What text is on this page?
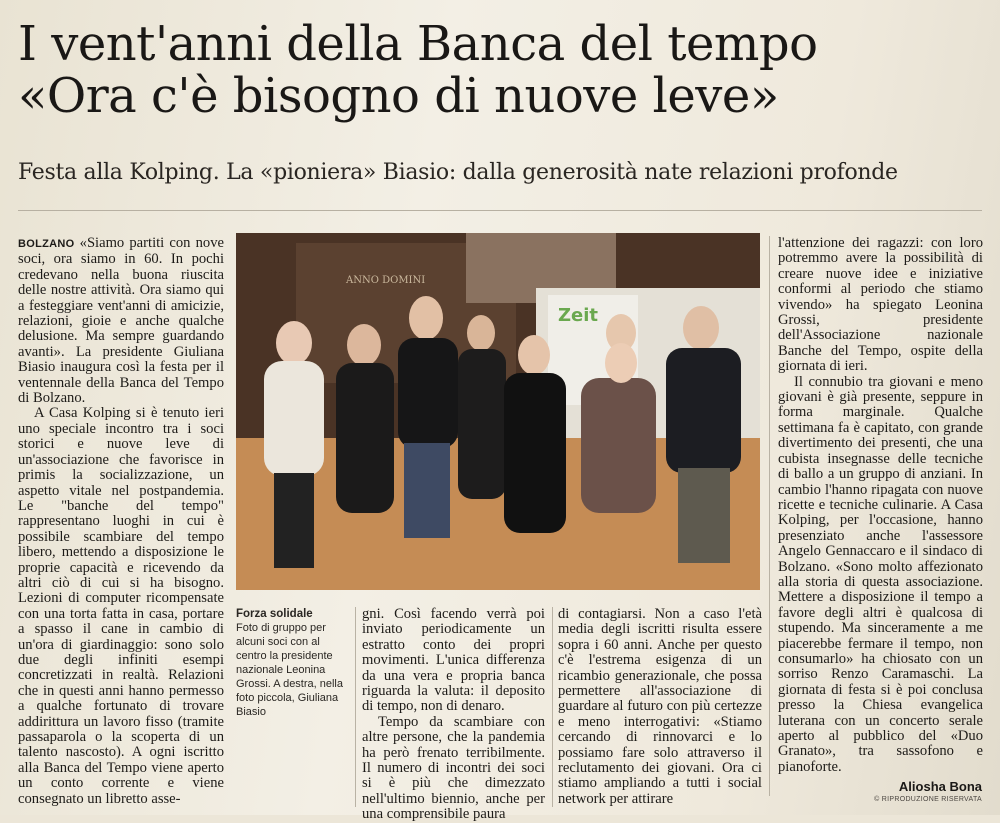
I vent'anni della Banca del tempo
«Ora c'è bisogno di nuove leve»
Festa alla Kolping. La «pioniera» Biasio: dalla generosità nate relazioni profonde

BOLZANO «Siamo partiti con nove soci, ora siamo in 60. In pochi credevano nella buona riuscita delle nostre attività. Ora siamo qui a festeggiare vent'anni di amicizie, relazioni, gioie e anche qualche delusione. Ma sempre guardando avanti». La presidente Giuliana Biasio inaugura così la festa per il ventennale della Banca del Tempo di Bolzano.

A Casa Kolping si è tenuto ieri uno speciale incontro tra i soci storici e nuove leve di un'associazione che favorisce in primis la socializzazione, un aspetto vitale nel postpandemia. Le "banche del tempo" rappresentano luoghi in cui è possibile scambiare del tempo libero, mettendo a disposizione le proprie capacità e ricevendo da altri ciò di cui si ha bisogno. Lezioni di computer ricompensate con una torta fatta in casa, portare a spasso il cane in cambio di un'ora di giardinaggio: sono solo due degli infiniti esempi concretizzati in realtà. Relazioni che in questi anni hanno permesso a qualche fortunato di trovare addirittura un lavoro fisso (tramite passaparola o la scoperta di un talento nascosto). A ogni iscritto alla Banca del Tempo viene aperto un conto corrente e viene consegnato un libretto asse-

ANNO DOMINI
Zeit
Forza solidale
Foto di gruppo per alcuni soci con al centro la presidente nazionale Leonina Grossi. A destra, nella foto piccola, Giuliana Biasio

gni. Così facendo verrà poi inviato periodicamente un estratto conto dei propri movimenti. L'unica differenza da una vera e propria banca riguarda la valuta: il deposito di tempo, non di denaro.

Tempo da scambiare con altre persone, che la pandemia ha però frenato terribilmente. Il numero di incontri dei soci si è più che dimezzato nell'ultimo biennio, anche per una comprensibile paura

di contagiarsi. Non a caso l'età media degli iscritti risulta essere sopra i 60 anni. Anche per questo c'è l'estrema esigenza di un ricambio generazionale, che possa permettere all'associazione di guardare al futuro con più certezze e meno interrogativi: «Stiamo cercando di rinnovarci e lo possiamo fare solo attraverso il reclutamento dei giovani. Ora ci stiamo ampliando a tutti i social network per attirare

l'attenzione dei ragazzi: con loro potremmo avere la possibilità di creare nuove idee e iniziative conformi al periodo che stiamo vivendo» ha spiegato Leonina Grossi, presidente dell'Associazione nazionale Banche del Tempo, ospite della giornata di ieri.

Il connubio tra giovani e meno giovani è già presente, seppure in forma marginale. Qualche settimana fa è capitato, con grande divertimento dei presenti, che una cubista insegnasse delle tecniche di ballo a un gruppo di anziani. In cambio l'hanno ripagata con nuove ricette e tecniche culinarie. A Casa Kolping, per l'occasione, hanno presenziato anche l'assessore Angelo Gennaccaro e il sindaco di Bolzano. «Sono molto affezionato alla storia di questa associazione. Mettere a disposizione il tempo a favore degli altri è qualcosa di stupendo. Ma sinceramente a me piacerebbe fermare il tempo, non consumarlo» ha chiosato con un sorriso Renzo Caramaschi. La giornata di festa si è poi conclusa presso la Chiesa evangelica luterana con un concerto serale aperto al pubblico del «Duo Granato», tra sassofono e pianoforte.

Aliosha Bona
© RIPRODUZIONE RISERVATA
